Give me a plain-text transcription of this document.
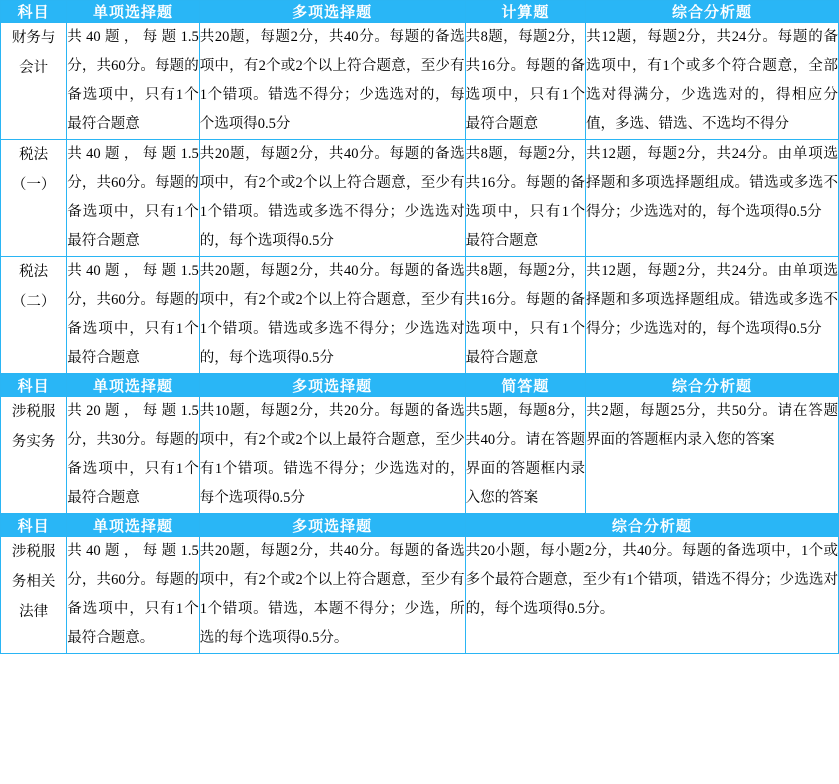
科目	单项选择题	多项选择题	计算题	综合分析题

财务与
会计	共40题，每题1.5分，共60分。每题的备选项中，只有1个最符合题意	共20题，每题2分，共40分。每题的备选项中，有2个或2个以上符合题意，至少有1个错项。错选不得分；少选选对的，每个选项得0.5分	共8题，每题2分，共16分。每题的备选项中，只有1个最符合题意	共12题，每题2分，共24分。每题的备选项中，有1个或多个符合题意，全部选对得满分，少选选对的，得相应分值，多选、错选、不选均不得分

税法
（一）	共40题，每题1.5分，共60分。每题的备选项中，只有1个最符合题意	共20题，每题2分，共40分。每题的备选项中，有2个或2个以上符合题意，至少有1个错项。错选或多选不得分；少选选对的，每个选项得0.5分	共8题，每题2分，共16分。每题的备选项中，只有1个最符合题意	共12题，每题2分，共24分。由单项选择题和多项选择题组成。错选或多选不得分；少选选对的，每个选项得0.5分

税法
（二）	共40题，每题1.5分，共60分。每题的备选项中，只有1个最符合题意	共20题，每题2分，共40分。每题的备选项中，有2个或2个以上符合题意，至少有1个错项。错选或多选不得分；少选选对的，每个选项得0.5分	共8题，每题2分，共16分。每题的备选项中，只有1个最符合题意	共12题，每题2分，共24分。由单项选择题和多项选择题组成。错选或多选不得分；少选选对的，每个选项得0.5分
科目	单项选择题	多项选择题	简答题	综合分析题

涉税服
务实务	共20题，每题1.5分，共30分。每题的备选项中，只有1个最符合题意	共10题，每题2分，共20分。每题的备选项中，有2个或2个以上最符合题意，至少有1个错项。错选不得分；少选选对的，每个选项得0.5分	共5题，每题8分，共40分。请在答题界面的答题框内录入您的答案	共2题，每题25分，共50分。请在答题界面的答题框内录入您的答案
科目	单项选择题	多项选择题	综合分析题

涉税服
务相关
法律	共40题，每题1.5分，共60分。每题的备选项中，只有1个最符合题意。	共20题，每题2分，共40分。每题的备选项中，有2个或2个以上符合题意，至少有1个错项。错选，本题不得分；少选，所选的每个选项得0.5分。	共20小题，每小题2分，共40分。每题的备选项中，1个或多个最符合题意，至少有1个错项，错选不得分；少选选对的，每个选项得0.5分。
